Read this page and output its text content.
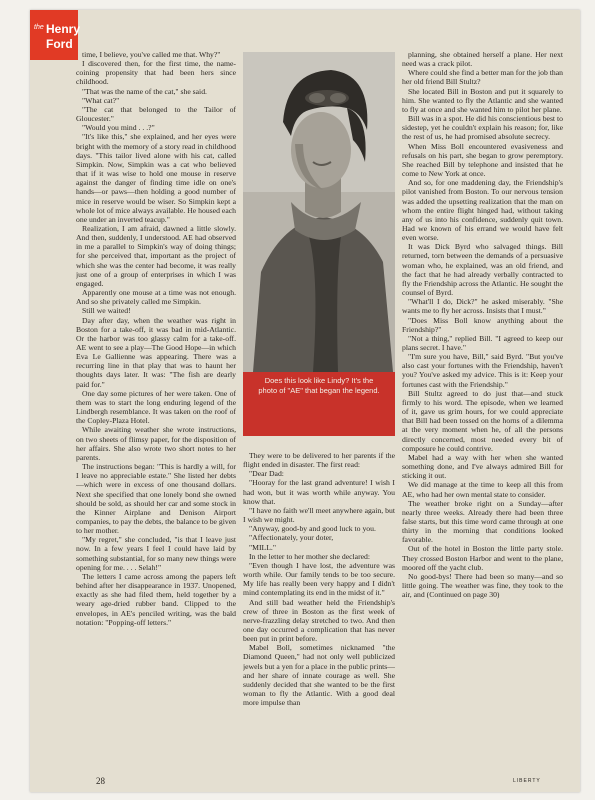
the Henry
Ford

time, I believe, you've called me that. Why?"

I discovered then, for the first time, the name-coining propensity that had been hers since childhood.

"That was the name of the cat," she said.

"What cat?"

"The cat that belonged to the Tailor of Gloucester."

"Would you mind . . .?"

"It's like this," she explained, and her eyes were bright with the memory of a story read in childhood days. "This tailor lived alone with his cat, called Simpkin. Now, Simpkin was a cat who believed that if it was wise to hold one mouse in reserve against the danger of finding time idle on one's hands—or paws—then holding a good number of mice in reserve would be wiser. So Simpkin kept a whole lot of mice always available. He housed each one under an inverted teacup."

Realization, I am afraid, dawned a little slowly. And then, suddenly, I understood. AE had observed in me a parallel to Simpkin's way of doing things; for she perceived that, important as the project of which she was the center had become, it was really just one of a group of enterprises in which I was engaged.

Apparently one mouse at a time was not enough. And so she privately called me Simpkin.

Still we waited!

Day after day, when the weather was right in Boston for a take-off, it was bad in mid-Atlantic. Or the harbor was too glassy calm for a take-off. AE went to see a play—The Good Hope—in which Eva Le Gallienne was appearing. There was a recurring line in that play that was to haunt her thoughts days later. It was: "The fish are dearly paid for."

One day some pictures of her were taken. One of them was to start the long enduring legend of the Lindbergh resemblance. It was taken on the roof of the Copley-Plaza Hotel.

While awaiting weather she wrote instructions, on two sheets of flimsy paper, for the disposition of her affairs. She also wrote two short notes to her parents.

The instructions began: "This is hardly a will, for I leave no appreciable estate." She listed her debts—which were in excess of one thousand dollars. Next she specified that one lonely bond she owned should be sold, as should her car and some stock in the Kinner Airplane and Denison Airport companies, to pay the debts, the balance to be given to her mother.

"My regret," she concluded, "is that I leave just now. In a few years I feel I could have laid by something substantial, for so many new things were opening for me. . . . Selah!"

The letters I came across among the papers left behind after her disappearance in 1937. Unopened, exactly as she had filed them, held together by a weary age-dried rubber band. Clipped to the envelopes, in AE's penciled writing, was the bald notation: "Popping-off letters."

Does this look like Lindy? It's the
photo of "AE" that began the legend.

They were to be delivered to her parents if the flight ended in disaster. The first read:

"Dear Dad:

"Hooray for the last grand adventure! I wish I had won, but it was worth while anyway. You know that.

"I have no faith we'll meet anywhere again, but I wish we might.

"Anyway, good-by and good luck to you.

"Affectionately, your doter,

"MILL."

In the letter to her mother she declared:

"Even though I have lost, the adventure was worth while. Our family tends to be too secure. My life has really been very happy and I didn't mind contemplating its end in the midst of it."

And still bad weather held the Friendship's crew of three in Boston as the first week of nerve-frazzling delay stretched to two. And then one day occurred a complication that has never been put in print before.

Mabel Boll, sometimes nicknamed "the Diamond Queen," had not only well publicized jewels but a yen for a place in the public prints—and her share of innate courage as well. She suddenly decided that she wanted to be the first woman to fly the Atlantic. With a good deal more impulse than

planning, she obtained herself a plane. Her next need was a crack pilot.

Where could she find a better man for the job than her old friend Bill Stultz?

She located Bill in Boston and put it squarely to him. She wanted to fly the Atlantic and she wanted to fly at once and she wanted him to pilot her plane.

Bill was in a spot. He did his conscientious best to sidestep, yet he couldn't explain his reason; for, like the rest of us, he had promised absolute secrecy.

When Miss Boll encountered evasiveness and refusals on his part, she began to grow peremptory. She reached Bill by telephone and insisted that he come to New York at once.

And so, for one maddening day, the Friendship's pilot vanished from Boston. To our nervous tension was added the upsetting realization that the man on whom the entire flight hinged had, without taking any of us into his confidence, suddenly quit town. Had we known of his errand we would have felt even worse.

It was Dick Byrd who salvaged things. Bill returned, torn between the demands of a persuasive woman who, he explained, was an old friend, and the fact that he had already verbally contracted to fly the Friendship across the Atlantic. He sought the counsel of Byrd.

"What'll I do, Dick?" he asked miserably. "She wants me to fly her across. Insists that I must."

"Does Miss Boll know anything about the Friendship?"

"Not a thing," replied Bill. "I agreed to keep our plans secret. I have."

"I'm sure you have, Bill," said Byrd. "But you've also cast your fortunes with the Friendship, haven't you? You've asked my advice. This is it: Keep your fortunes cast with the Friendship."

Bill Stultz agreed to do just that—and stuck firmly to his word. The episode, when we learned of it, gave us grim hours, for we could appreciate that Bill had been tossed on the horns of a dilemma at the very moment when he, of all the persons directly concerned, most needed every bit of composure he could contrive.

Mabel had a way with her when she wanted something done, and I've always admired Bill for sticking it out.

We did manage at the time to keep all this from AE, who had her own mental state to consider.

The weather broke right on a Sunday—after nearly three weeks. Already there had been three false starts, but this time word came through at one thirty in the morning that conditions looked favorable.

Out of the hotel in Boston the little party stole. They crossed Boston Harbor and went to the plane, moored off the yacht club.

No good-bys! There had been so many—and so little going. The weather was fine, they took to the air, and (Continued on page 30)

28	LIBERTY
